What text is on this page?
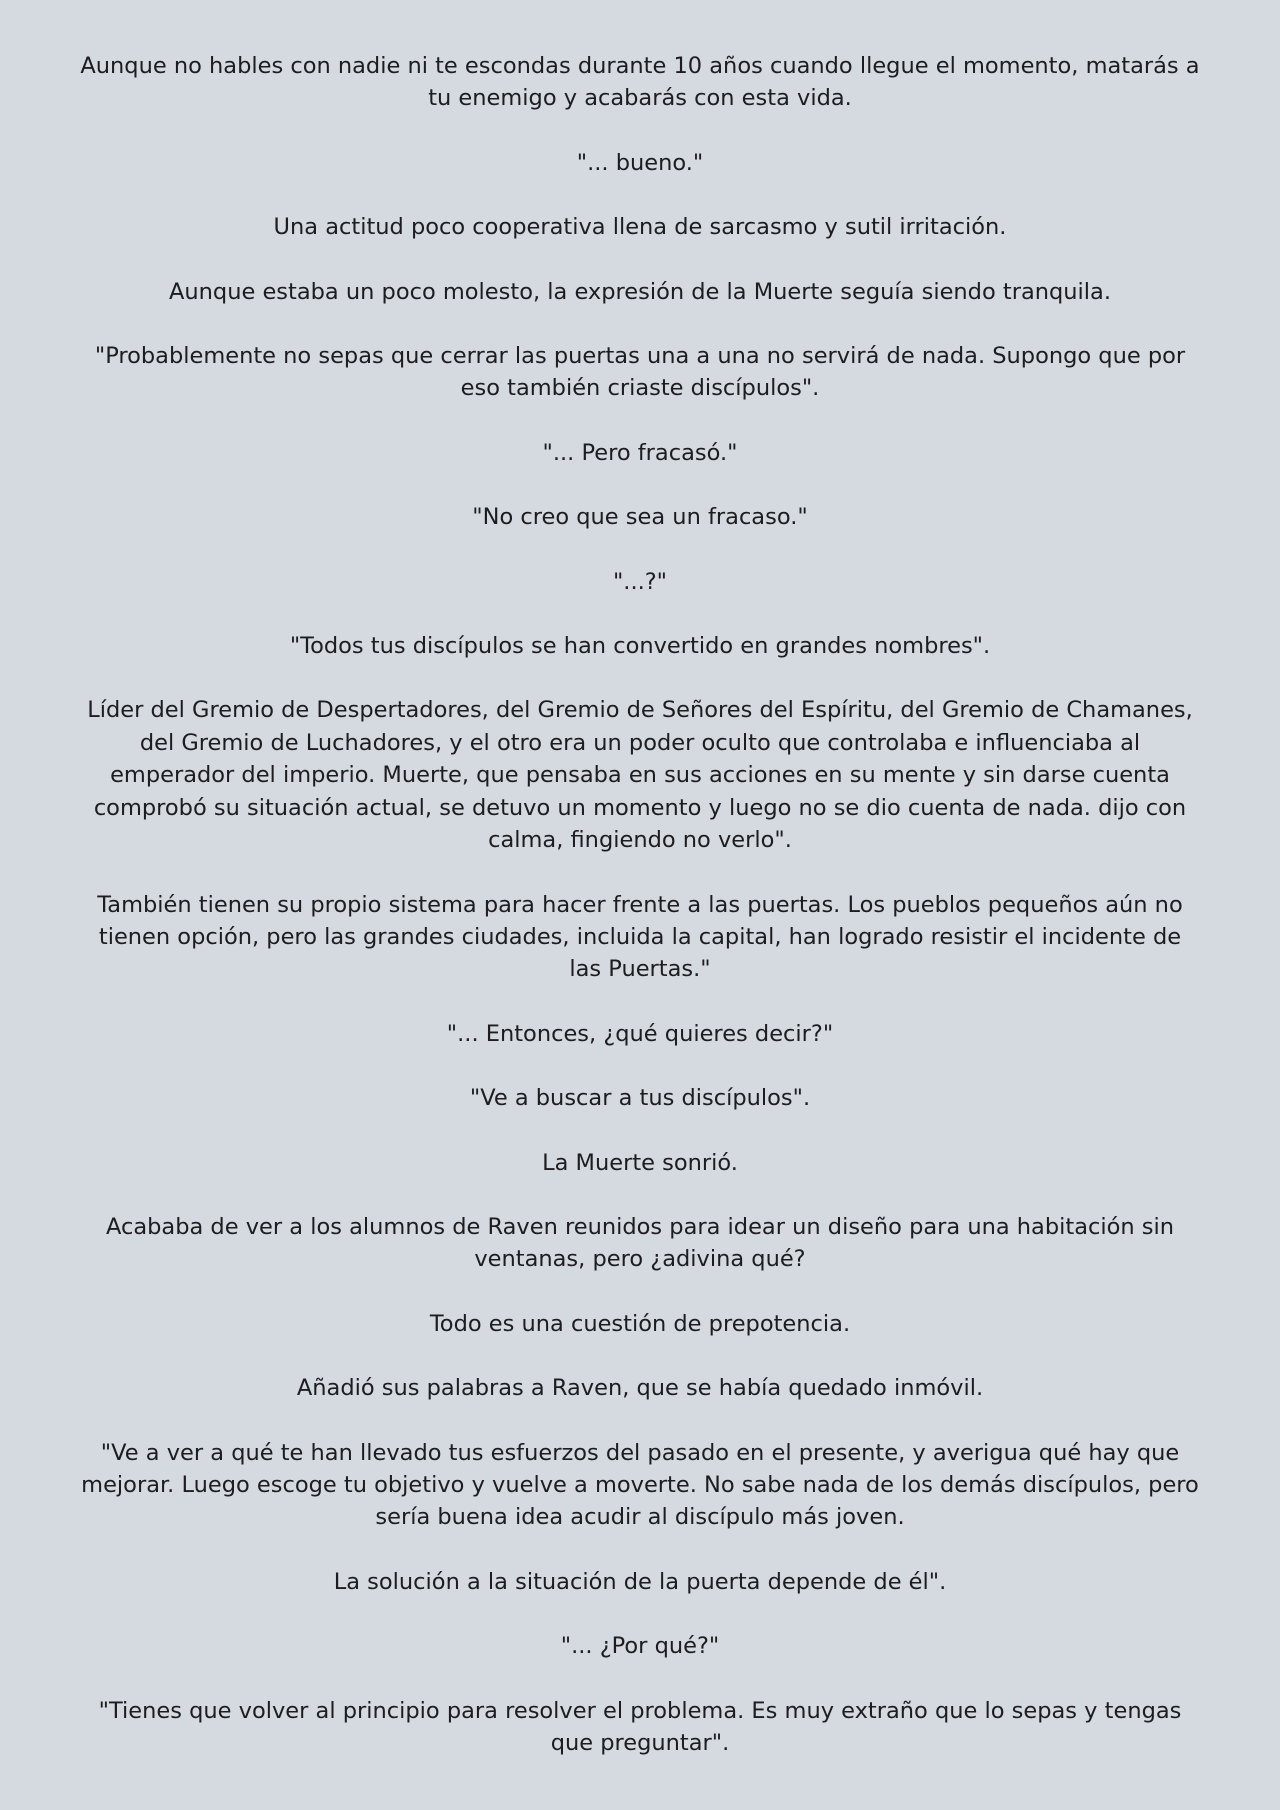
Aunque no hables con nadie ni te escondas durante 10 años cuando llegue el momento, matarás a tu enemigo y acabarás con esta vida.

"... bueno."

Una actitud poco cooperativa llena de sarcasmo y sutil irritación.

Aunque estaba un poco molesto, la expresión de la Muerte seguía siendo tranquila.

"Probablemente no sepas que cerrar las puertas una a una no servirá de nada. Supongo que por eso también criaste discípulos".

"... Pero fracasó."

"No creo que sea un fracaso."

"...?"

"Todos tus discípulos se han convertido en grandes nombres".

Líder del Gremio de Despertadores, del Gremio de Señores del Espíritu, del Gremio de Chamanes, del Gremio de Luchadores, y el otro era un poder oculto que controlaba e influenciaba al emperador del imperio. Muerte, que pensaba en sus acciones en su mente y sin darse cuenta comprobó su situación actual, se detuvo un momento y luego no se dio cuenta de nada. dijo con calma, fingiendo no verlo".

También tienen su propio sistema para hacer frente a las puertas. Los pueblos pequeños aún no tienen opción, pero las grandes ciudades, incluida la capital, han logrado resistir el incidente de las Puertas."

"... Entonces, ¿qué quieres decir?"

"Ve a buscar a tus discípulos".

La Muerte sonrió.

Acababa de ver a los alumnos de Raven reunidos para idear un diseño para una habitación sin ventanas, pero ¿adivina qué?

Todo es una cuestión de prepotencia.

Añadió sus palabras a Raven, que se había quedado inmóvil.

"Ve a ver a qué te han llevado tus esfuerzos del pasado en el presente, y averigua qué hay que mejorar. Luego escoge tu objetivo y vuelve a moverte. No sabe nada de los demás discípulos, pero sería buena idea acudir al discípulo más joven.

La solución a la situación de la puerta depende de él".

"... ¿Por qué?"

"Tienes que volver al principio para resolver el problema. Es muy extraño que lo sepas y tengas que preguntar".
